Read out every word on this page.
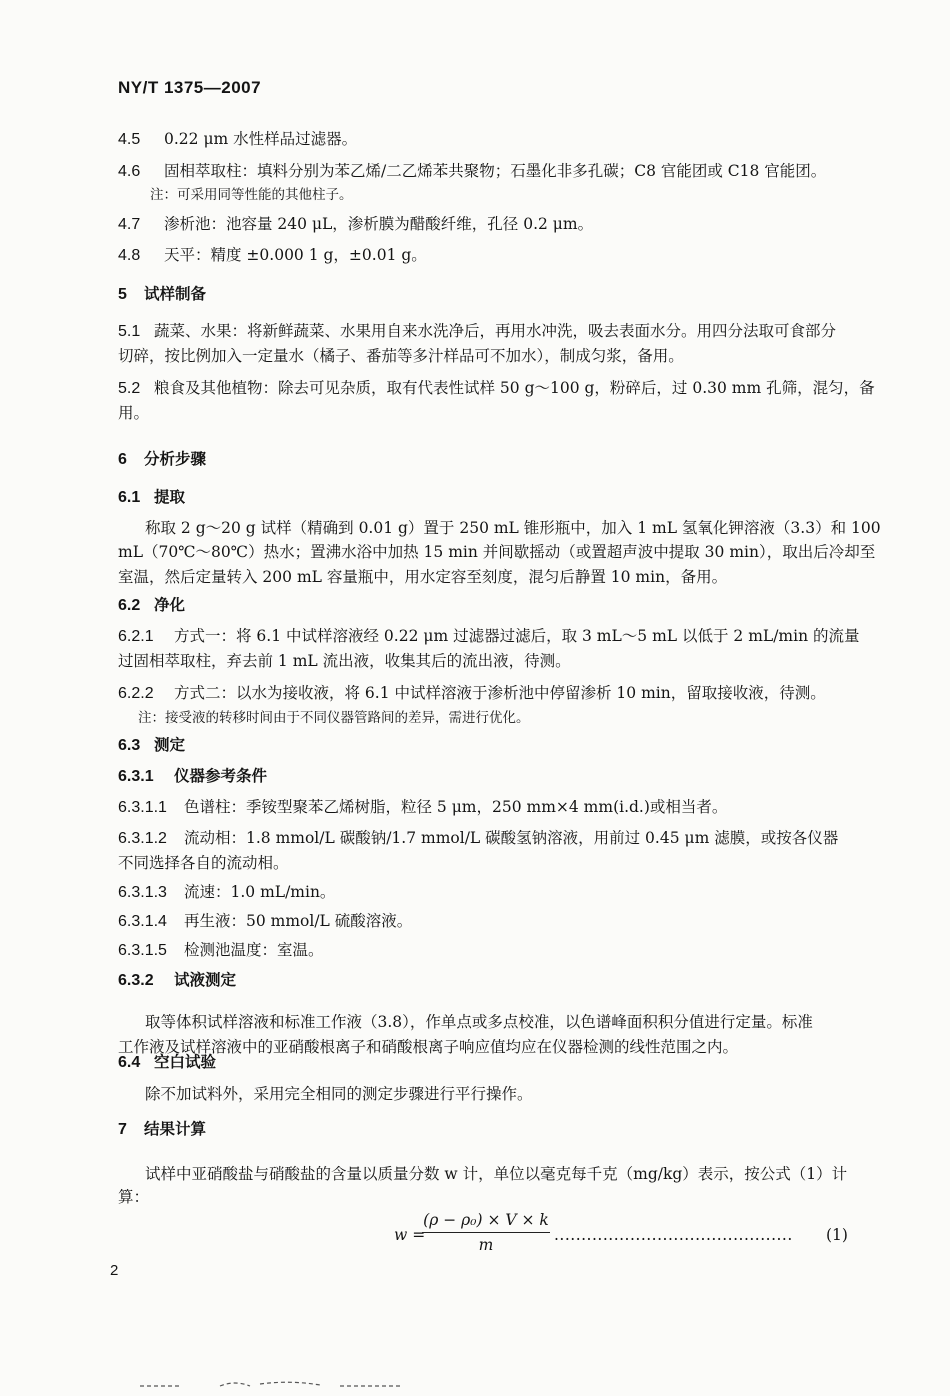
NY/T 1375—2007
4.5 0.22 μm 水性样品过滤器。
4.6 固相萃取柱：填料分别为苯乙烯/二乙烯苯共聚物；石墨化非多孔碳；C8 官能团或 C18 官能团。
注：可采用同等性能的其他柱子。
4.7 渗析池：池容量 240 μL，渗析膜为醋酸纤维，孔径 0.2 μm。
4.8 天平：精度 ±0.000 1 g，±0.01 g。
5 试样制备
5.1 蔬菜、水果：将新鲜蔬菜、水果用自来水洗净后，再用水冲洗，吸去表面水分。用四分法取可食部分
切碎，按比例加入一定量水（橘子、番茄等多汁样品可不加水），制成匀浆，备用。
5.2 粮食及其他植物：除去可见杂质，取有代表性试样 50 g～100 g，粉碎后，过 0.30 mm 孔筛，混匀，备
用。
6 分析步骤
6.1 提取
称取 2 g～20 g 试样（精确到 0.01 g）置于 250 mL 锥形瓶中，加入 1 mL 氢氧化钾溶液（3.3）和 100
mL（70℃～80℃）热水；置沸水浴中加热 15 min 并间歇摇动（或置超声波中提取 30 min），取出后冷却至
室温，然后定量转入 200 mL 容量瓶中，用水定容至刻度，混匀后静置 10 min，备用。
6.2 净化
6.2.1 方式一：将 6.1 中试样溶液经 0.22 μm 过滤器过滤后，取 3 mL～5 mL 以低于 2 mL/min 的流量
过固相萃取柱，弃去前 1 mL 流出液，收集其后的流出液，待测。
6.2.2 方式二：以水为接收液，将 6.1 中试样溶液于渗析池中停留渗析 10 min，留取接收液，待测。
注：接受液的转移时间由于不同仪器管路间的差异，需进行优化。
6.3 测定
6.3.1 仪器参考条件
6.3.1.1 色谱柱：季铵型聚苯乙烯树脂，粒径 5 μm，250 mm×4 mm(i.d.)或相当者。
6.3.1.2 流动相：1.8 mmol/L 碳酸钠/1.7 mmol/L 碳酸氢钠溶液，用前过 0.45 μm 滤膜，或按各仪器
不同选择各自的流动相。
6.3.1.3 流速：1.0 mL/min。
6.3.1.4 再生液：50 mmol/L 硫酸溶液。
6.3.1.5 检测池温度：室温。
6.3.2 试液测定
取等体积试样溶液和标准工作液（3.8），作单点或多点校准，以色谱峰面积积分值进行定量。标准
工作液及试样溶液中的亚硝酸根离子和硝酸根离子响应值均应在仪器检测的线性范围之内。
6.4 空白试验
除不加试料外，采用完全相同的测定步骤进行平行操作。
7 结果计算
试样中亚硝酸盐与硝酸盐的含量以质量分数 w 计，单位以毫克每千克（mg/kg）表示，按公式（1）计
算：
w =
(ρ − ρ₀) × V × k
m
............................................ (1)
2
